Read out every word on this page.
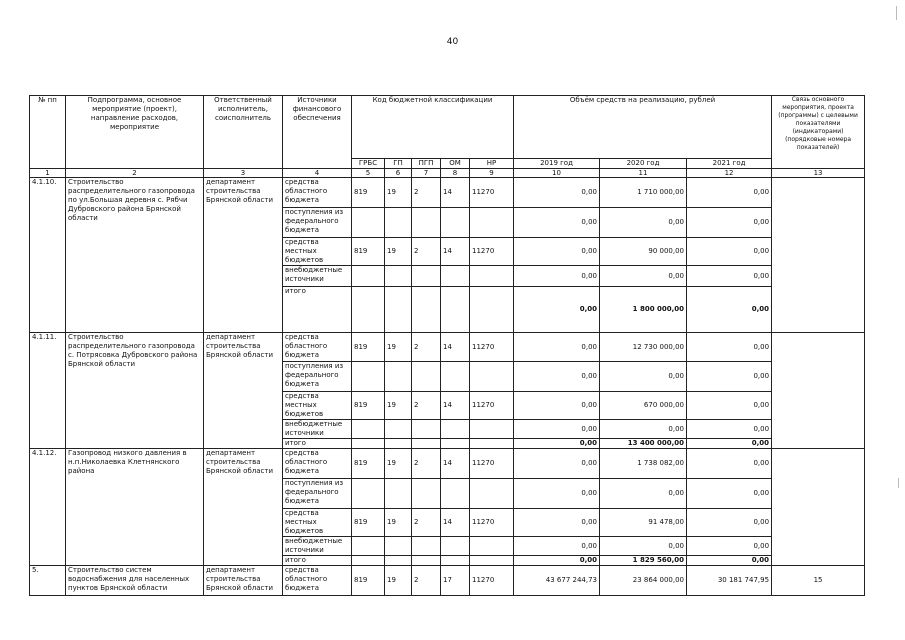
40
№ пп	Подпрограмма, основное мероприятие (проект), направление расходов, мероприятие	Ответственный исполнитель, соисполнитель	Источники финансового обеспечения	Код бюджетной классификации					Объём средств на реализацию, рублей			Связь основного мероприятия, проекта (программы) с целевыми показателями (индикаторами) (порядковые номера показателей)
				ГРБС	ГП	ПГП	ОМ	НР	2019 год	2020 год	2021 год	
1	2	3	4	5	6	7	8	9	10	11	12	13
4.1.10.	Строительство распределительного газопровода по ул.Большая деревня с. Рябчи Дубровского района Брянской области	департамент строительства Брянской области	средства областного бюджета	819	19	2	14	11270	0,00	1 710 000,00	0,00	
			поступления из федерального бюджета						0,00	0,00	0,00	
			средства местных бюджетов	819	19	2	14	11270	0,00	90 000,00	0,00	
			внебюджетные источники						0,00	0,00	0,00	
			итого						0,00	1 800 000,00	0,00	
4.1.11.	Строительство распределительного газопровода с. Потрясовка Дубровского района Брянской области	департамент строительства Брянской области	средства областного бюджета	819	19	2	14	11270	0,00	12 730 000,00	0,00	
			поступления из федерального бюджета						0,00	0,00	0,00	
			средства местных бюджетов	819	19	2	14	11270	0,00	670 000,00	0,00	
			внебюджетные источники						0,00	0,00	0,00	
			итого						0,00	13 400 000,00	0,00	
4.1.12.	Газопровод низкого давления в н.п.Николаевка Клетнянского района	департамент строительства Брянской области	средства областного бюджета	819	19	2	14	11270	0,00	1 738 082,00	0,00	
			поступления из федерального бюджета						0,00	0,00	0,00	
			средства местных бюджетов	819	19	2	14	11270	0,00	91 478,00	0,00	
			внебюджетные источники						0,00	0,00	0,00	
			итого						0,00	1 829 560,00	0,00	
5.	Строительство систем водоснабжения для населенных пунктов Брянской области	департамент строительства Брянской области	средства областного бюджета	819	19	2	17	11270	43 677 244,73	23 864 000,00	30 181 747,95	15
